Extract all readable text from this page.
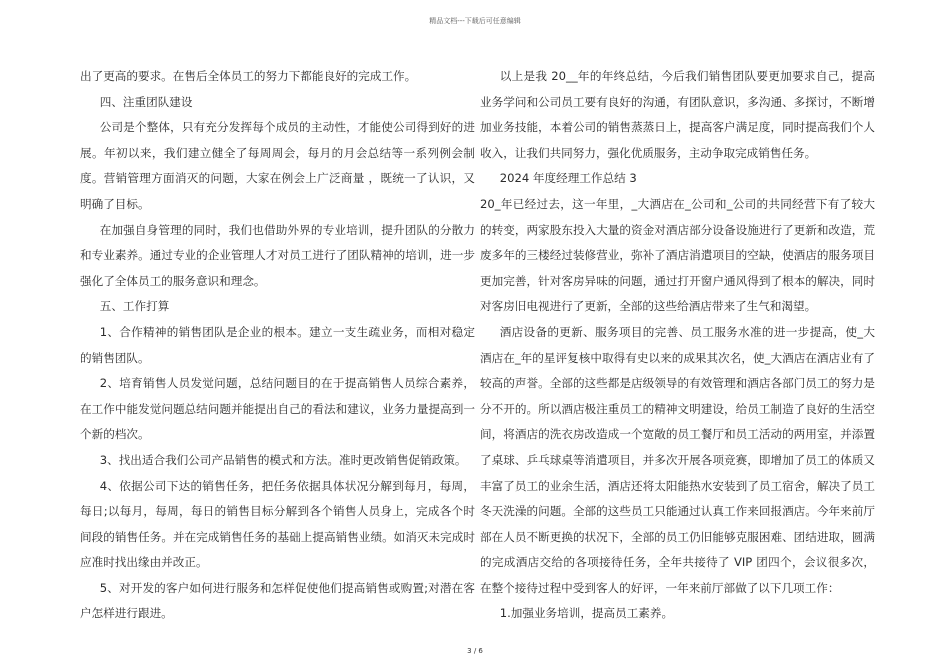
精品文档---下载后可任意编辑

出了更高的要求。在售后全体员工的努力下都能良好的完成工作。

四、注重团队建设

公司是个整体，只有充分发挥每个成员的主动性，才能使公司得到好的进展。年初以来，我们建立健全了每周周会，每月的月会总结等一系列例会制度。营销管理方面消灭的问题，大家在例会上广泛商量 ，既统一了认识，又明确了目标。

在加强自身管理的同时，我们也借助外界的专业培训，提升团队的分散力和专业素养。通过专业的企业管理人才对员工进行了团队精神的培训，进一步强化了全体员工的服务意识和理念。

五、工作打算

1、合作精神的销售团队是企业的根本。建立一支生疏业务，而相对稳定的销售团队。

2、培育销售人员发觉问题，总结问题目的在于提高销售人员综合素养，在工作中能发觉问题总结问题并能提出自己的看法和建议，业务力量提高到一个新的档次。

3、找出适合我们公司产品销售的模式和方法。准时更改销售促销政策。

4、依据公司下达的销售任务，把任务依据具体状况分解到每月，每周，每日;以每月，每周，每日的销售目标分解到各个销售人员身上，完成各个时间段的销售任务。并在完成销售任务的基础上提高销售业绩。如消灭未完成时应准时找出缘由并改正。

5、对开发的客户如何进行服务和怎样促使他们提高销售或购置;对潜在客户怎样进行跟进。

以上是我 20__年的年终总结，今后我们销售团队要更加要求自己，提高业务学问和公司员工要有良好的沟通，有团队意识，多沟通、多探讨，不断增加业务技能，本着公司的销售蒸蒸日上，提高客户满足度，同时提高我们个人收入，让我们共同努力，强化优质服务，主动争取完成销售任务。

2024 年度经理工作总结 3

20_年已经过去，这一年里，_大酒店在_公司和_公司的共同经营下有了较大的转变，两家股东投入大量的资金对酒店部分设备设施进行了更新和改造，荒废多年的三楼经过装修营业，弥补了酒店消遣项目的空缺，使酒店的服务项目更加完善，针对客房异味的问题，通过打开窗户通风得到了根本的解决，同时对客房旧电视进行了更新，全部的这些给酒店带来了生气和渴望。

酒店设备的更新、服务项目的完善、员工服务水准的进一步提高，使_大酒店在_年的星评复核中取得有史以来的成果其次名，使_大酒店在酒店业有了较高的声誉。全部的这些都是店级领导的有效管理和酒店各部门员工的努力是分不开的。所以酒店极注重员工的精神文明建设，给员工制造了良好的生活空间，将酒店的洗衣房改造成一个宽敞的员工餐厅和员工活动的两用室，并添置了桌球、乒乓球桌等消遣项目，并多次开展各项竞赛，即增加了员工的体质又丰富了员工的业余生活，酒店还将太阳能热水安装到了员工宿舍，解决了员工冬天洗澡的问题。全部的这些员工只能通过认真工作来回报酒店。今年来前厅部在人员不断更换的状况下，全部的员工仍旧能够克服困难、团结进取，圆满的完成酒店交给的各项接待任务，全年共接待了 VIP 团四个，会议很多次，在整个接待过程中受到客人的好评，一年来前厅部做了以下几项工作：

1.加强业务培训，提高员工素养。

3 / 6
